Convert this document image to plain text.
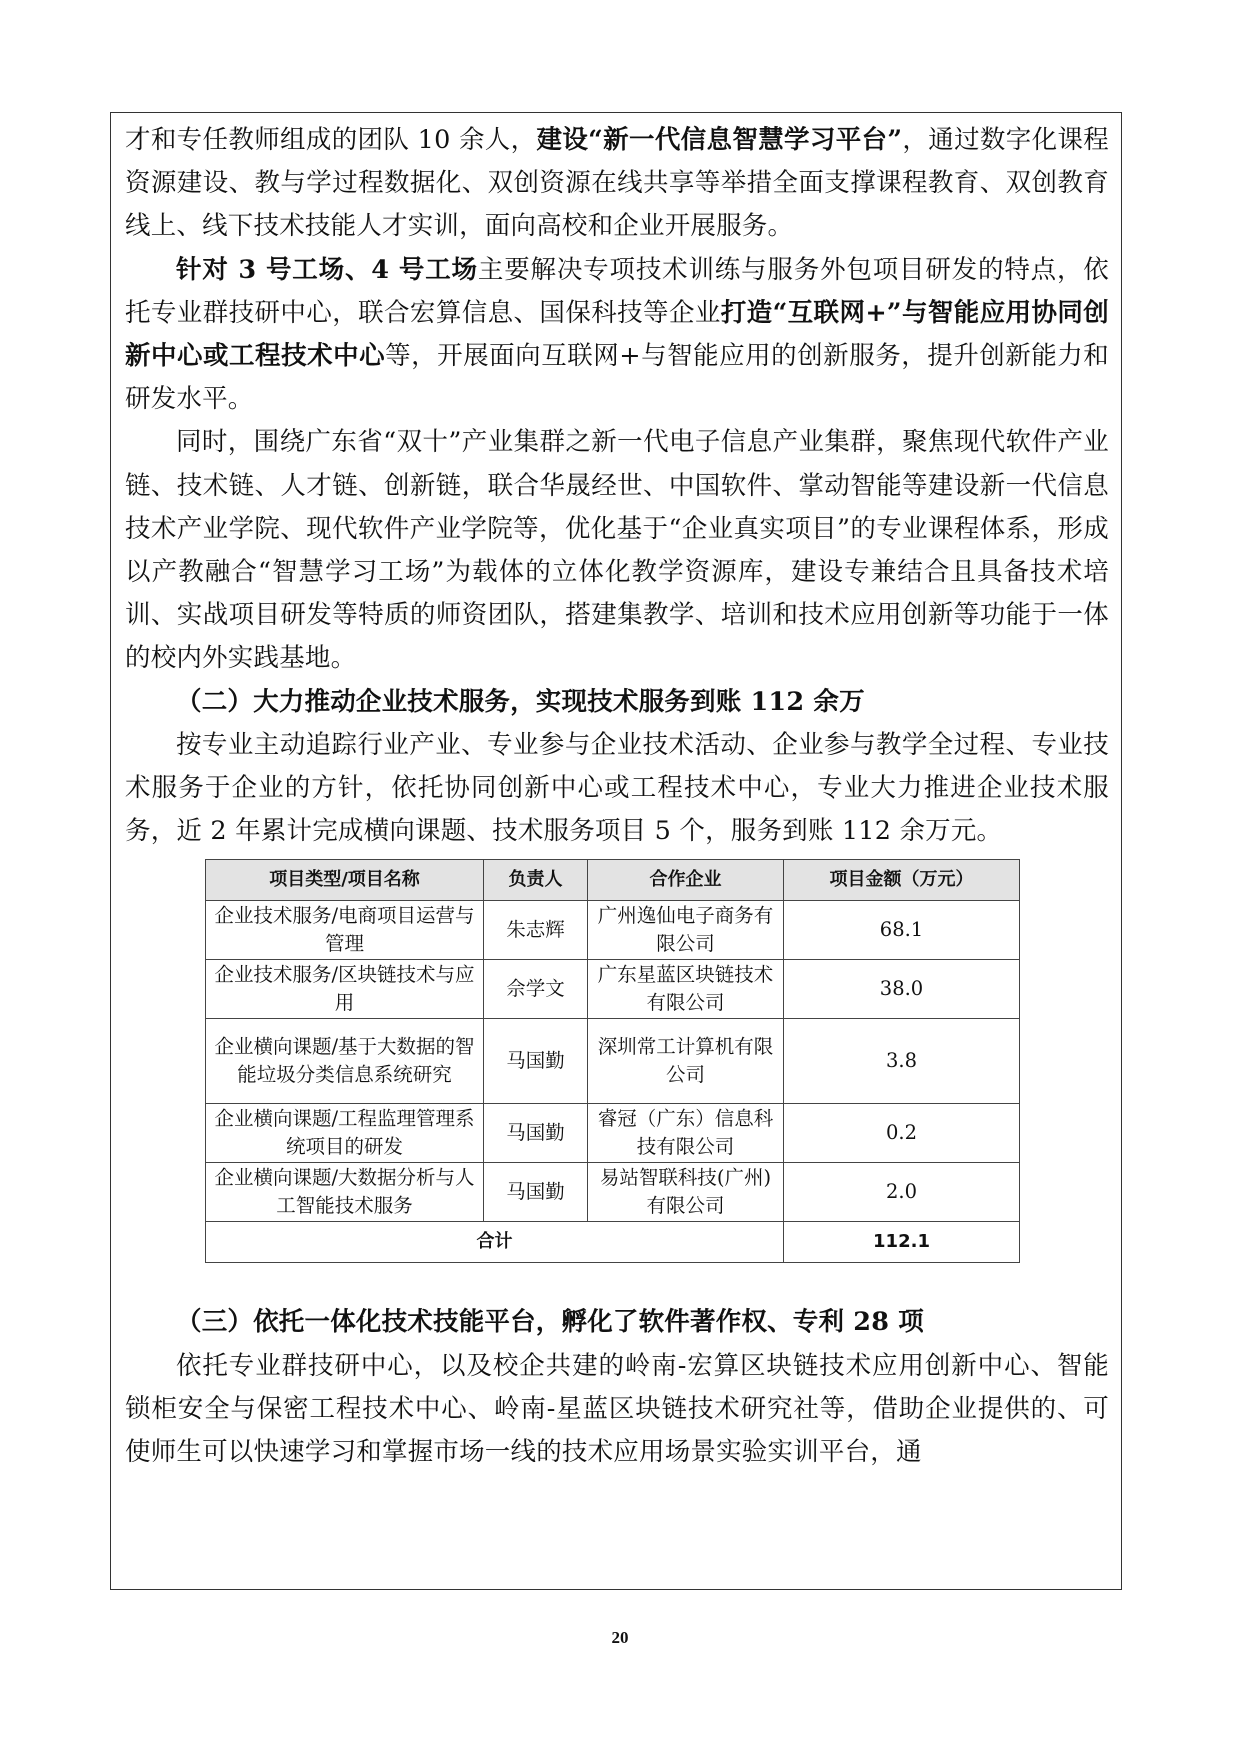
才和专任教师组成的团队 10 余人，建设“新一代信息智慧学习平台”，通过数字化课程资源建设、教与学过程数据化、双创资源在线共享等举措全面支撑课程教育、双创教育线上、线下技术技能人才实训，面向高校和企业开展服务。

针对 3 号工场、4 号工场主要解决专项技术训练与服务外包项目研发的特点，依托专业群技研中心，联合宏算信息、国保科技等企业打造“互联网+”与智能应用协同创新中心或工程技术中心等，开展面向互联网+与智能应用的创新服务，提升创新能力和研发水平。

同时，围绕广东省“双十”产业集群之新一代电子信息产业集群，聚焦现代软件产业链、技术链、人才链、创新链，联合华晟经世、中国软件、掌动智能等建设新一代信息技术产业学院、现代软件产业学院等，优化基于“企业真实项目”的专业课程体系，形成以产教融合“智慧学习工场”为载体的立体化教学资源库，建设专兼结合且具备技术培训、实战项目研发等特质的师资团队，搭建集教学、培训和技术应用创新等功能于一体的校内外实践基地。

（二）大力推动企业技术服务，实现技术服务到账 112 余万

按专业主动追踪行业产业、专业参与企业技术活动、企业参与教学全过程、专业技术服务于企业的方针，依托协同创新中心或工程技术中心，专业大力推进企业技术服务，近 2 年累计完成横向课题、技术服务项目 5 个，服务到账 112 余万元。

项目类型/项目名称	负责人	合作企业	项目金额（万元）
企业技术服务/电商项目运营与管理	朱志辉	广州逸仙电子商务有限公司	68.1
企业技术服务/区块链技术与应用	佘学文	广东星蓝区块链技术有限公司	38.0
企业横向课题/基于大数据的智能垃圾分类信息系统研究	马国勤	深圳常工计算机有限公司	3.8
企业横向课题/工程监理管理系统项目的研发	马国勤	睿冠（广东）信息科技有限公司	0.2
企业横向课题/大数据分析与人工智能技术服务	马国勤	易站智联科技(广州)有限公司	2.0
合计			112.1

（三）依托一体化技术技能平台，孵化了软件著作权、专利 28 项

依托专业群技研中心，以及校企共建的岭南-宏算区块链技术应用创新中心、智能锁柜安全与保密工程技术中心、岭南-星蓝区块链技术研究社等，借助企业提供的、可使师生可以快速学习和掌握市场一线的技术应用场景实验实训平台，通

20
